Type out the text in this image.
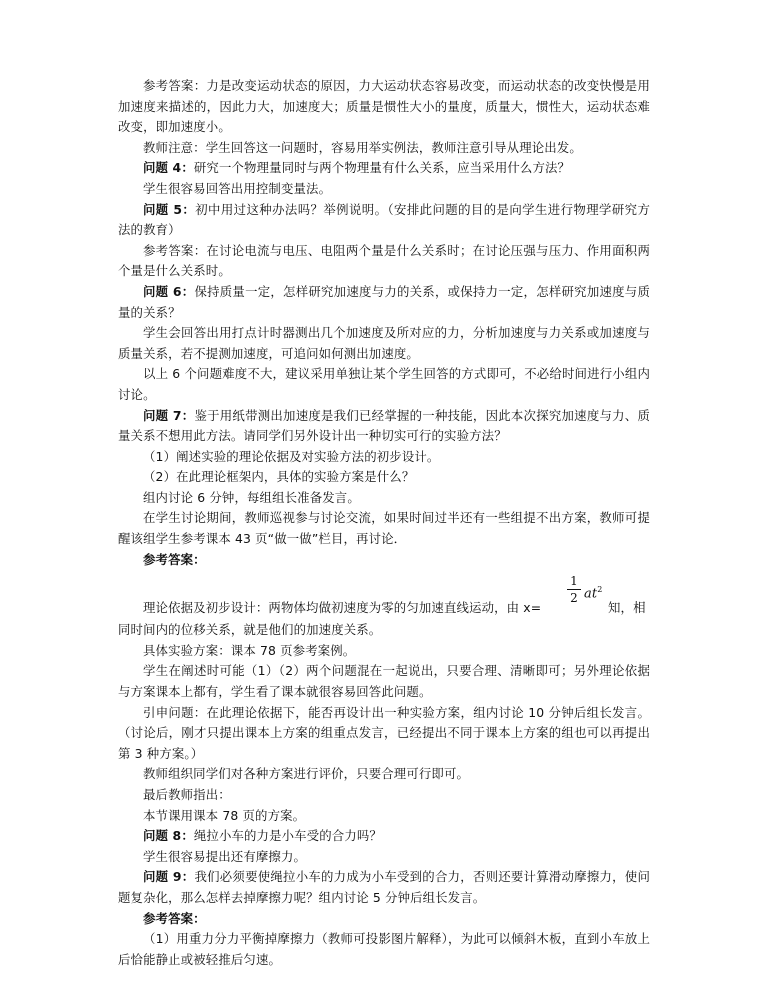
参考答案：力是改变运动状态的原因，力大运动状态容易改变，而运动状态的改变快慢是用加速度来描述的，因此力大，加速度大；质量是惯性大小的量度，质量大，惯性大，运动状态难改变，即加速度小。

教师注意：学生回答这一问题时，容易用举实例法，教师注意引导从理论出发。

问题 4：研究一个物理量同时与两个物理量有什么关系，应当采用什么方法？

学生很容易回答出用控制变量法。

问题 5：初中用过这种办法吗？举例说明。（安排此问题的目的是向学生进行物理学研究方法的教育）

参考答案：在讨论电流与电压、电阻两个量是什么关系时；在讨论压强与压力、作用面积两个量是什么关系时。

问题 6：保持质量一定，怎样研究加速度与力的关系，或保持力一定，怎样研究加速度与质量的关系？

学生会回答出用打点计时器测出几个加速度及所对应的力，分析加速度与力关系或加速度与质量关系，若不提测加速度，可追问如何测出加速度。

以上 6 个问题难度不大，建议采用单独让某个学生回答的方式即可，不必给时间进行小组内讨论。

问题 7：鉴于用纸带测出加速度是我们已经掌握的一种技能，因此本次探究加速度与力、质量关系不想用此方法。请同学们另外设计出一种切实可行的实验方法？

（1）阐述实验的理论依据及对实验方法的初步设计。

（2）在此理论框架内，具体的实验方案是什么？

组内讨论 6 分钟，每组组长准备发言。

在学生讨论期间，教师巡视参与讨论交流，如果时间过半还有一些组提不出方案，教师可提醒该组学生参考课本 43 页“做一做”栏目，再讨论．

参考答案：

理论依据及初步设计：两物体均做初速度为零的匀加速直线运动，由 x=
$\frac{1}{2} at^2$
知，相

同时间内的位移关系，就是他们的加速度关系。

具体实验方案：课本 78 页参考案例。

学生在阐述时可能（1）（2）两个问题混在一起说出，只要合理、清晰即可；另外理论依据与方案课本上都有，学生看了课本就很容易回答此问题。

引申问题：在此理论依据下，能否再设计出一种实验方案，组内讨论 10 分钟后组长发言。（讨论后，刚才只提出课本上方案的组重点发言，已经提出不同于课本上方案的组也可以再提出第 3 种方案。）

教师组织同学们对各种方案进行评价，只要合理可行即可。

最后教师指出：

本节课用课本 78 页的方案。

问题 8：绳拉小车的力是小车受的合力吗？

学生很容易提出还有摩擦力。

问题 9：我们必须要使绳拉小车的力成为小车受到的合力，否则还要计算滑动摩擦力，使问题复杂化，那么怎样去掉摩擦力呢？组内讨论 5 分钟后组长发言。

参考答案：

（1）用重力分力平衡掉摩擦力（教师可投影图片解释），为此可以倾斜木板，直到小车放上后恰能静止或被轻推后匀速。
